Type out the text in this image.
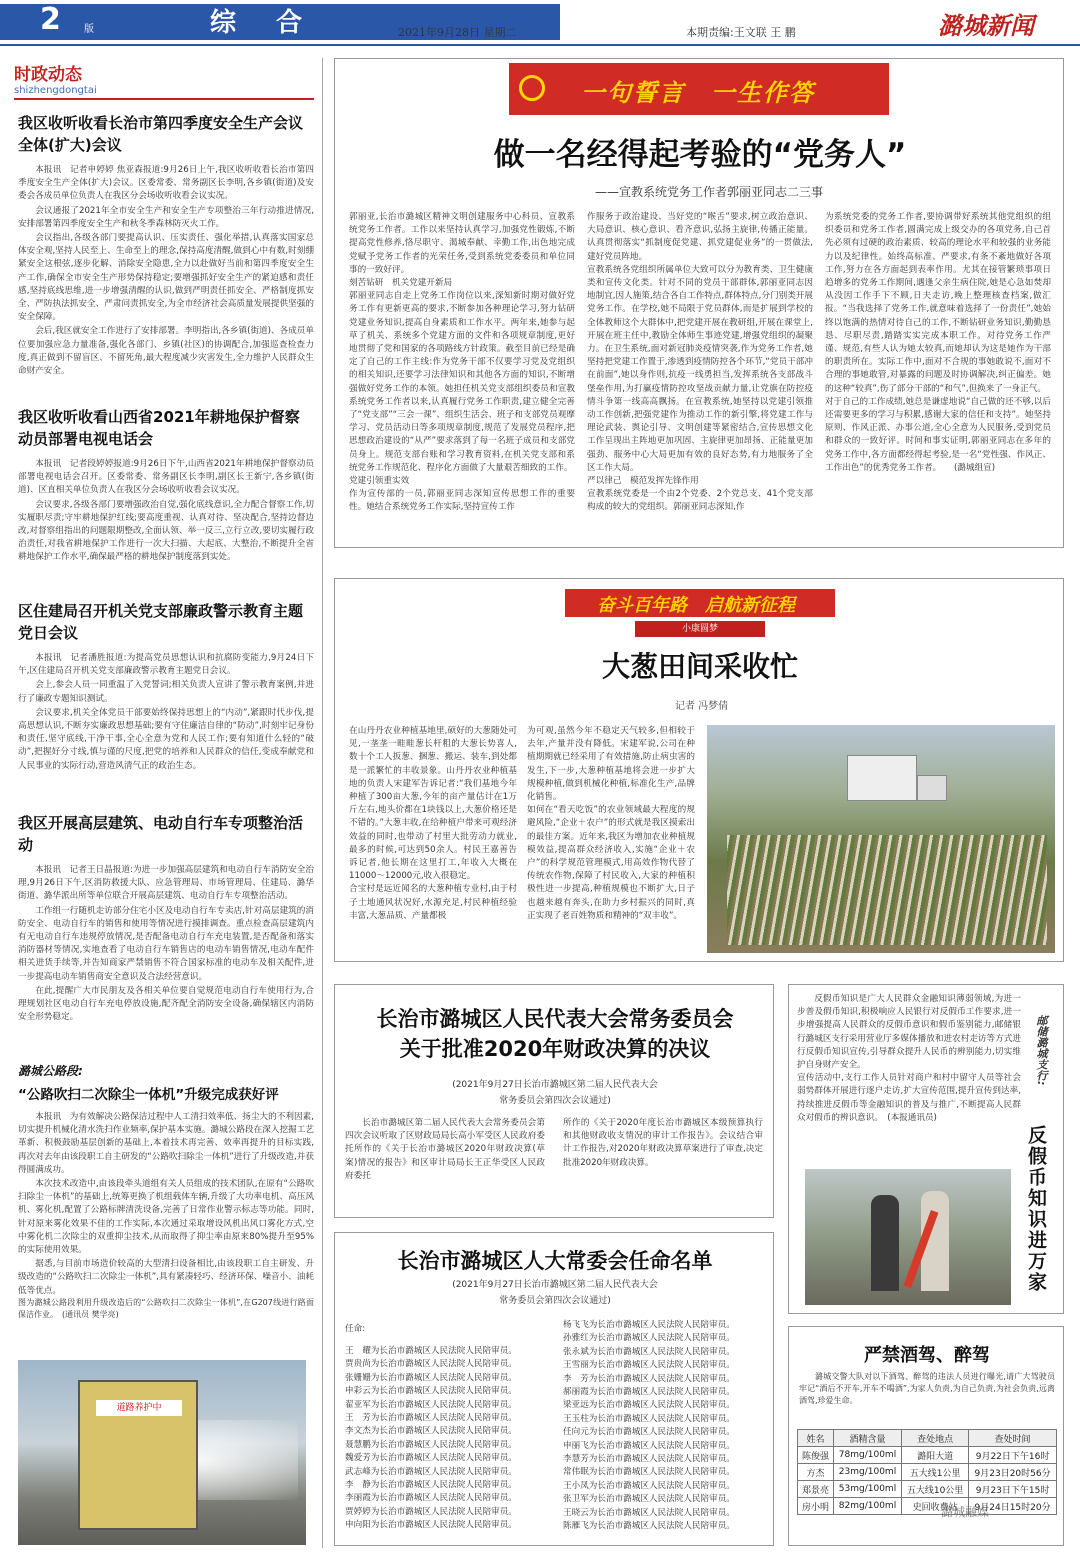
2 版	综合	2021年9月28日 星期二	本期责编:王文联 王 鹏	潞城新闻
时政动态
shizhengdongtai
我区收听收看长治市第四季度安全生产会议全体(扩大)会议

本报讯　记者申婷婷 焦亚森报道:9月26日上午,我区收听收看长治市第四季度安全生产全体(扩大)会议。区委常委、常务副区长李明,各乡镇(街道)及安委会各成员单位负责人在我区分会场收听收看会议实况。

会议通报了2021年全市安全生产和安全生产专项整治三年行动推进情况,安排部署第四季度安全生产和秋冬季森林防灭火工作。

会议指出,各级各部门要提高认识、压实责任、强化举措,认真落实国家总体安全观,坚持人民至上、生命至上的理念,保持高度清醒,做到心中有数,时刻绷紧安全这根弦,逐步化解、消除安全隐患,全力以赴做好当前和第四季度安全生产工作,确保全市安全生产形势保持稳定;要增强抓好安全生产的紧迫感和责任感,坚持底线思维,进一步增强清醒的认识,做到严明责任抓安全、严格制度抓安全、严防执法抓安全、严肃问责抓安全,为全市经济社会高质量发展提供坚强的安全保障。

会后,我区就安全工作进行了安排部署。李明指出,各乡镇(街道)、各成员单位要加强应急力量准备,强化各部门、乡镇(社区)的协调配合,加强巡查检查力度,真正做到不留盲区、不留死角,最大程度减少灾害发生,全力维护人民群众生命财产安全。

我区收听收看山西省2021年耕地保护督察动员部署电视电话会

本报讯　记者段婷婷报道:9月26日下午,山西省2021年耕地保护督察动员部署电视电话会召开。区委常委、常务副区长李明,副区长王新宁,各乡镇(街道)、区直相关单位负责人在我区分会场收听收看会议实况。

会议要求,各级各部门要增强政治自觉,强化底线意识,全力配合督察工作,切实履职尽责;守牢耕地保护红线;要高度重视、认真对待、坚决配合,坚持边督边改,对督察组指出的问题限期整改,全面认领、举一反三,立行立改,要切实履行政治责任,对我省耕地保护工作进行一次大扫描、大起底、大整治,不断提升全省耕地保护工作水平,确保最严格的耕地保护制度落到实处。

区住建局召开机关党支部廉政警示教育主题党日会议

本报讯　记者潘胜报道:为提高党员思想认识和抗腐防变能力,9月24日下午,区住建局召开机关党支部廉政警示教育主题党日会议。

会上,参会人员一同重温了入党誓词;相关负责人宣讲了警示教育案例,并进行了廉政专题知识测试。

会议要求,机关全体党员干部要始终保持思想上的“内动”,紧跟时代步伐,提高思想认识,不断夯实廉政思想基础;要有守住廉洁自律的“防动”,时刻牢记身份和责任,坚守底线,干净干事,全心全意为党和人民工作;要有知道什么轻的“破动”,把握好分寸线,慎与谨的尺度,把党的培养和人民群众的信任,变成奉献党和人民事业的实际行动,营造风清气正的政治生态。

我区开展高层建筑、电动自行车专项整治活动

本报讯　记者王日晶报道:为进一步加强高层建筑和电动自行车消防安全治理,9月26日下午,区消防救援大队、应急管理局、市场管理局、住建局、潞华街道、潞华派出所等单位联合开展高层建筑、电动自行车专项整治活动。

工作组一行随机走访部分住宅小区及电动自行车专卖店,针对高层建筑的消防安全、电动自行车的销售和使用等情况进行摸排调查。重点检查高层建筑内有无电动自行车违规停放情况,是否配备电动自行车充电装置,是否配备和落实消防器材等情况,实地查看了电动自行车销售店的电动车销售情况,电动车配件相关进货手续等,并告知商家严禁销售不符合国家标准的电动车及相关配件,进一步提高电动车销售商安全意识及合法经营意识。

在此,提醒广大市民朋友及各相关单位要自觉规范电动自行车使用行为,合理规划社区电动自行车充电停放设施,配齐配全消防安全设备,确保辖区内消防安全形势稳定。

潞城公路段:
“公路吹扫二次除尘一体机”升级完成获好评

本报讯　为有效解决公路保洁过程中人工清扫效率低、扬尘大的不利因素,切实提升机械化清水洗扫作业频率,保护基本实施。潞城公路段在深入挖掘工艺革新、积极鼓励基层创新的基础上,本着技术再完善、效率再提升的目标实践,再次对去年由该段职工自主研发的“公路吹扫除尘一体机”进行了升级改造,并获得圆满成功。

本次技术改造中,由该段牵头道组有关人员组成的技术团队,在原有“公路吹扫除尘一体机”的基础上,统筹更换了机组载体车辆,升级了大功率电机、高压风机、雾化机,配置了公路标牌清洗设备,完善了日常作业警示标志等功能。同时,针对原来雾化效果不佳的工作实际,本次通过采取增设风机出风口雾化方式,空中雾化机二次除尘的双重抑尘技术,从而取得了抑尘率由原来80%提升至95%的实际使用效果。

据悉,与目前市场造价较高的大型清扫设备相比,由该段职工自主研发、升级改造的“公路吹扫二次除尘一体机”,具有紧凑轻巧、经济环保、噪音小、油耗低等优点。

图为潞城公路段利用升级改造后的“公路吹扫二次除尘一体机”,在G207线进行路面保洁作业。　(通讯员 樊学亮)
道路养护中
一句誓言　一生作答
做一名经得起考验的“党务人”
——宣教系统党务工作者郭丽亚同志二三事
郭丽亚,长治市潞城区精神文明创建服务中心科员、宣教系统党务工作者。工作以来坚持认真学习,加强党性锻炼,不断提高党性修养,恪尽职守、渴城奉献、幸勤工作,出色地完成党赋予党务工作者的光荣任务,受到系统党委委员和单位同事的一致好评。
刻苦钻研　机关党建开新局
郭丽亚同志自走上党务工作岗位以来,深知新时期对做好党务工作有更新更高的要求,不断参加各种理论学习,努力钻研党建业务知识,提高自身素质和工作水平。两年来,她参与起草了机关、系统多个党建方面的文件和各项规章制度,更好地贯彻了党和国家的各项路线方针政策。截至目前已经是确定了自己的工作主线:作为党务干部不仅要学习党及党组织的相关知识,还要学习法律知识和其他各方面的知识,不断增强做好党务工作的本领。她担任机关党支部组织委员和宣教系统党务工作者以来,认真履行党务工作职责,建立健全完善了“党支部”“三会一课”、组织生活会、班子和支部党员观摩学习、党员活动日等多项规章制度,规范了发展党员程序,把思想政治建设的“从严”要求落到了每一名班子成员和支部党员身上。规范支部台账和学习教育资料,在机关党支部和系统党务工作规范化、程序化方面做了大量艰苦细致的工作。
党建引领重实效
作为宣传部的一员,郭丽亚同志深知宣传思想工作的重要性。她结合系统党务工作实际,坚持宣传工作
作服务于政治建设、当好党的“喉舌”要求,树立政治意识、大局意识、核心意识、看齐意识,弘扬主旋律,传播正能量。认真贯彻落实“抓制度促党建、抓党建促业务”的一贯做法,建好党员阵地。
宣教系统各党组织所属单位大致可以分为教育类、卫生健康类和宣传文化类。针对不同的党员干部群体,郭丽亚同志因地制宜,因人施策,结合各自工作特点,群体特点,分门别类开展党务工作。在学校,她不局限于党员群体,而是扩展到学校的全体教师这个大群体中,把党建开展在教研组,开展在课堂上,开展在班主任中,教励全体师生事迹党建,增强党组织的凝聚力。在卫生系统,面对新冠肺炎疫情突袭,作为党务工作者,她坚持把党建工作置于,渗透到疫情防控各个环节,“党员干部冲在前面”,她以身作则,抗疫一线勇担当,发挥系统各支部战斗堡垒作用,为打赢疫情防控攻坚战贡献力量,让党旗在防控疫情斗争第一线高高飘扬。在宣教系统,她坚持以党建引领推动工作创新,把强党建作为推动工作的新引擎,将党建工作与理论武装、舆论引导、文明创建等紧密结合,宣传思想文化工作呈现出主阵地更加巩固、主旋律更加昂扬、正能量更加强劲、服务中心大局更加有效的良好态势,有力地服务了全区工作大局。
严以律己　模范发挥先锋作用
宣教系统党委是一个由2个党委、2个党总支、41个党支部构成的较大的党组织。郭丽亚同志深知,作
为系统党委的党务工作者,要协调带好系统其他党组织的组织委员和党务工作者,圆满完成上级交办的各项党务,自己首先必须有过硬的政治素质、较高的理论水平和较强的业务能力以及纪律性。始终高标准、严要求,有条不紊地做好各项工作,努力在各方面起到表率作用。尤其在接管繁琐事项日趋增多的党务工作期间,遇逢父亲生病住院,她是心急如焚却从没因工作手下不顾,日夫走访,晚上整理核查档案,做汇报。“当我选择了党务工作,就意味着选择了一份责任”,她始终以饱满的热情对待自己的工作,不断钻研业务知识,勤勤恳恳、尽职尽责,踏踏实实完成本职工作。对待党务工作严谨、规范,有些人认为她太较真,而她却认为这是她作为干部的职责所在。实际工作中,面对不合规的事她敢说不,面对不合理的事她敢管,对暴露的问题及时协调解决,纠正偏差。她的这种“较真”,伤了部分干部的“和气”,但换来了一身正气。
对于自己的工作成绩,她总是谦虚地说“自己做的还不够,以后还需要更多的学习与积累,感谢大家的信任和支持”。她坚持原则、作风正派、办事公道,全心全意为人民服务,受到党员和群众的一致好评。时间和事实证明,郭丽亚同志在多年的党务工作中,各方面都经得起考验,是一名“党性强、作风正、工作出色”的优秀党务工作者。　　(潞城组宣)
奋斗百年路　启航新征程
小康圆梦
大葱田间采收忙
记者 冯梦倩
在山丹丹农业种植基地里,硕好的大葱随处可见,一垄垄一畦畦葱长杆粗的大葱长势喜人,数十个工人扳葱、捆葱、搬运、装车,到处都是一派繁忙的丰收景象。山丹丹农业种植基地的负责人宋建军告诉记者:“我们基地今年种植了300亩大葱,今年的亩产量估计在1万斤左右,地头价都在1块钱以上,大葱价格还是不错的。”大葱丰收,在给种植户带来可观经济效益的同时,也带动了村里大批劳动力就业,最多的时候,可达到50余人。村民王嘉善告诉记者,他长期在这里打工,年收入大概在11000～12000元,收入很稳定。
合宝村是远近闻名的大葱种植专业村,由于村子土地通风状况好,水源充足,村民种植经验丰富,大葱品质、产量都极
为可观,虽然今年不稳定天气较多,但相较于去年,产量并没有降低。宋建军说,公司在种植期期就已经采用了有效措施,防止病虫害的发生,下一步,大葱种植基地将会进一步扩大规模种植,做到机械化种植,标准化生产,品牌化销售。
如何在“看天吃饭”的农业领域最大程度的规避风险,“企业＋农户”的形式就是我区摸索出的最佳方案。近年来,我区为增加农业种植规模效益,提高群众经济收入,实施“企业＋农户”的科学规范管理模式,用高效作物代替了传统农作物,保障了村民收入,大家的种植积极性进一步提高,种植规模也不断扩大,日子也越来越有奔头,在助力乡村振兴的同时,真正实现了老百姓物质和精神的“双丰收”。
长治市潞城区人民代表大会常务委员会
关于批准2020年财政决算的决议
(2021年9月27日长治市潞城区第二届人民代表大会
常务委员会第四次会议通过)
长治市潞城区第二届人民代表大会常务委员会第四次会议听取了区财政局局长高小军受区人民政府委托所作的《关于长治市潞城区2020年财政决算(草案)情况的报告》和区审计局局长王正华受区人民政府委托
所作的《关于2020年度长治市潞城区本级预算执行和其他财政收支情况的审计工作报告》。会议结合审计工作报告,对2020年财政决算草案进行了审查,决定批准2020年财政决算。
长治市潞城区人大常委会任命名单
(2021年9月27日长治市潞城区第二届人民代表大会
常务委员会第四次会议通过)
任命:
王　耀为长治市潞城区人民法院人民陪审员。
贾贵尚为长治市潞城区人民法院人民陪审员。
张姗姗为长治市潞城区人民法院人民陪审员。
申彩云为长治市潞城区人民法院人民陪审员。
翟亚军为长治市潞城区人民法院人民陪审员。
王　芳为长治市潞城区人民法院人民陪审员。
李文杰为长治市潞城区人民法院人民陪审员。
聂慧鹏为长治市潞城区人民法院人民陪审员。
魏爱芳为长治市潞城区人民法院人民陪审员。
武志峰为长治市潞城区人民法院人民陪审员。
李　静为长治市潞城区人民法院人民陪审员。
李丽霞为长治市潞城区人民法院人民陪审员。
贾婷婷为长治市潞城区人民法院人民陪审员。
申向阳为长治市潞城区人民法院人民陪审员。
杨飞飞为长治市潞城区人民法院人民陪审员。
孙雅红为长治市潞城区人民法院人民陪审员。
张永斌为长治市潞城区人民法院人民陪审员。
王雪丽为长治市潞城区人民法院人民陪审员。
李　芳为长治市潞城区人民法院人民陪审员。
郝丽霞为长治市潞城区人民法院人民陪审员。
梁亚远为长治市潞城区人民法院人民陪审员。
王玉柱为长治市潞城区人民法院人民陪审员。
任向元为长治市潞城区人民法院人民陪审员。
申丽飞为长治市潞城区人民法院人民陪审员。
李慧芳为长治市潞城区人民法院人民陪审员。
常伟眠为长治市潞城区人民法院人民陪审员。
王小凤为长治市潞城区人民法院人民陪审员。
张卫军为长治市潞城区人民法院人民陪审员。
王晓云为长治市潞城区人民法院人民陪审员。
陈雁飞为长治市潞城区人民法院人民陪审员。
反假币知识是广大人民群众金融知识薄弱领域,为进一步普及假币知识,积极响应人民银行对反假币工作要求,进一步增强提高人民群众的反假币意识和假币鉴别能力,邮储银行潞城区支行采用营业厅多媒体播放和进农村走访等方式进行反假币知识宣传,引导群众提升人民币的辨别能力,切实维护自身财产安全。
宣传活动中,支行工作人员针对商户和村中留守人员等社会弱势群体开展进行逐户走访,扩大宣传范围,提升宣传到达率,持续推进反假币等金融知识的普及与推广,不断提高人民群众对假币的辨识意识。　(本报通讯员)
邮储潞城支行:
反假币知识进万家
严禁酒驾、醉驾
潞城交警大队对以下酒驾、醉驾的违法人员进行曝光,请广大驾驶员牢记“酒后不开车,开车不喝酒”,为家人负责,为自己负责,为社会负责,远离酒驾,珍爱生命。
姓名	酒精含量	查处地点	查处时间
陈俊强	78mg/100ml	潞阳大道	9月22日下午16时
方杰	23mg/100ml	五大线1公里	9月23日20时56分
郑景亮	53mg/100ml	五大线10公里	9月23日下午15时
房小明	82mg/100ml	史回收费站	9月24日15时20分
潞城融媒
